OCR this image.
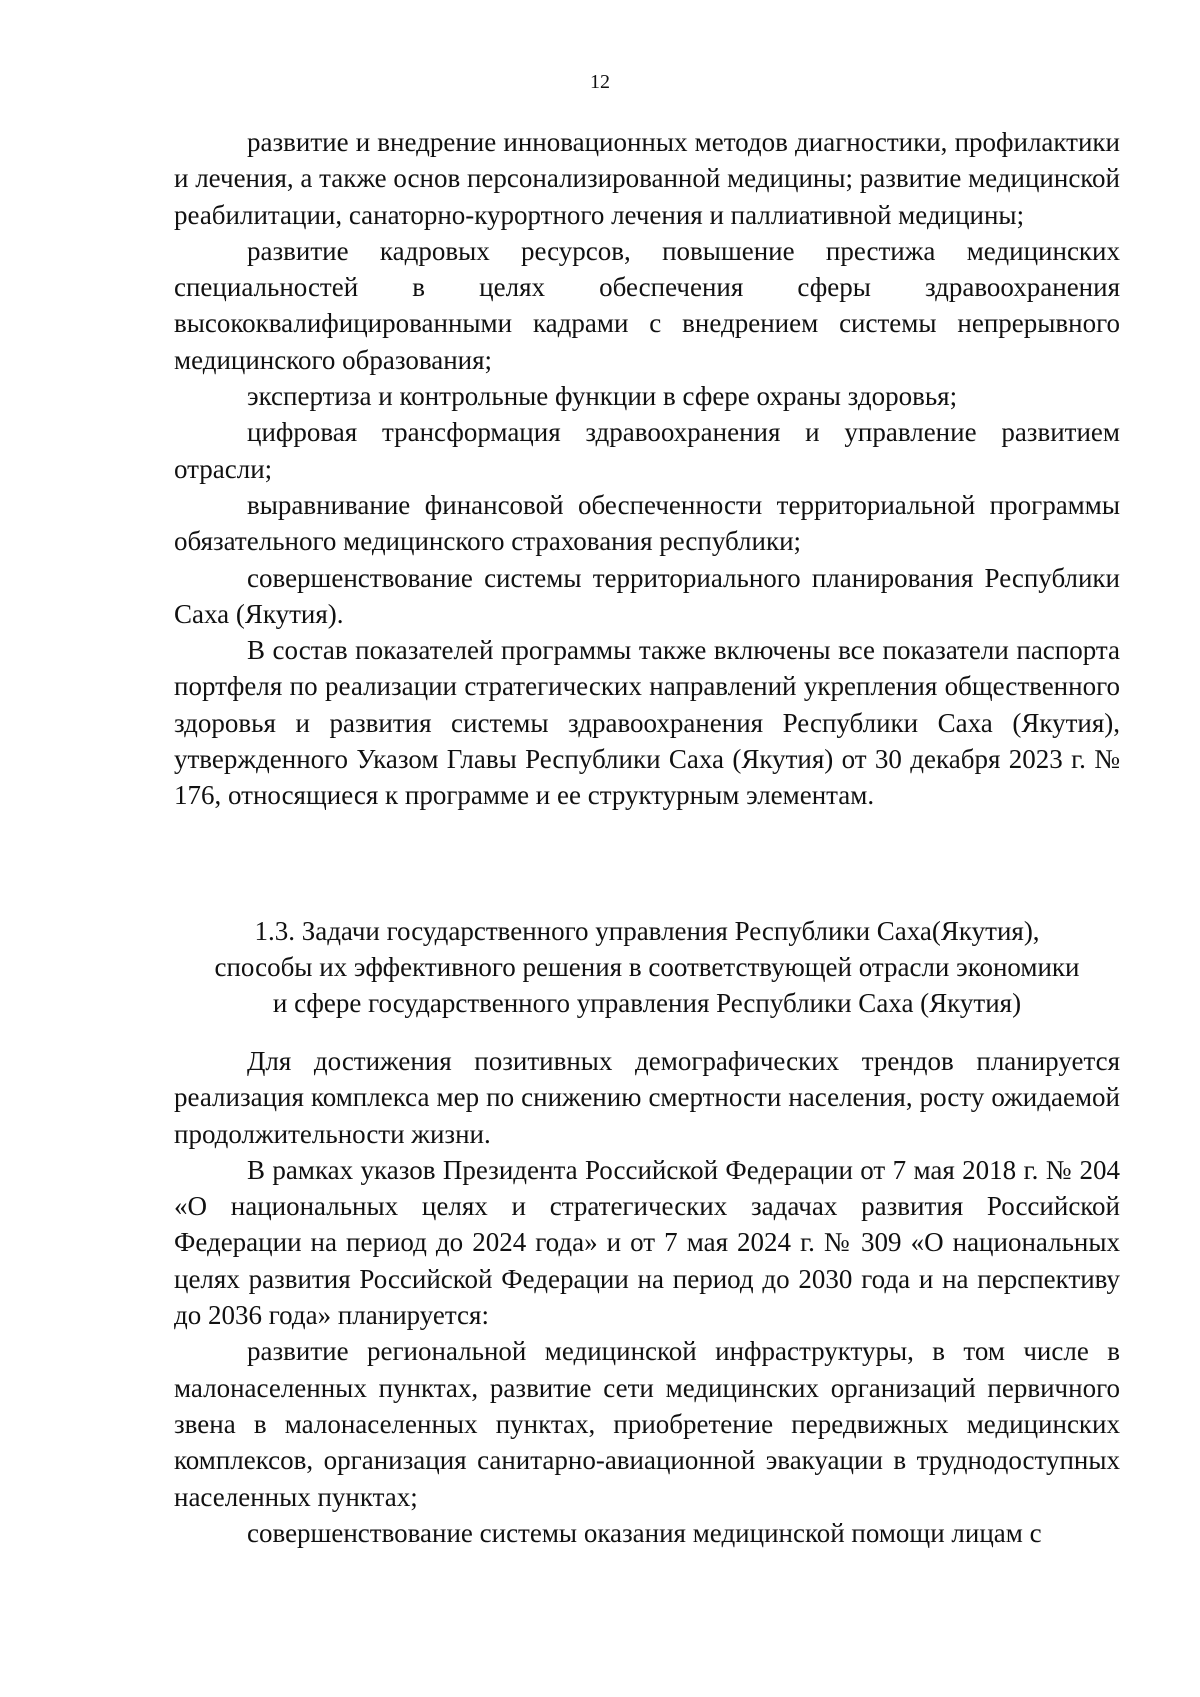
12

развитие и внедрение инновационных методов диагностики, профилактики и лечения, а также основ персонализированной медицины; развитие медицинской реабилитации, санаторно-курортного лечения и паллиативной медицины;

развитие кадровых ресурсов, повышение престижа медицинских специальностей в целях обеспечения сферы здравоохранения высококвалифицированными кадрами с внедрением системы непрерывного медицинского образования;

экспертиза и контрольные функции в сфере охраны здоровья;

цифровая трансформация здравоохранения и управление развитием отрасли;

выравнивание финансовой обеспеченности территориальной программы обязательного медицинского страхования республики;

совершенствование системы территориального планирования Республики Саха (Якутия).

В состав показателей программы также включены все показатели паспорта портфеля по реализации стратегических направлений укрепления общественного здоровья и развития системы здравоохранения Республики Саха (Якутия), утвержденного Указом Главы Республики Саха (Якутия) от 30 декабря 2023 г. № 176, относящиеся к программе и ее структурным элементам.

1.3. Задачи государственного управления Республики Саха(Якутия),
способы их эффективного решения в соответствующей отрасли экономики
и сфере государственного управления Республики Саха (Якутия)

Для достижения позитивных демографических трендов планируется реализация комплекса мер по снижению смертности населения, росту ожидаемой продолжительности жизни.

В рамках указов Президента Российской Федерации от 7 мая 2018 г. № 204 «О национальных целях и стратегических задачах развития Российской Федерации на период до 2024 года» и от 7 мая 2024 г. № 309 «О национальных целях развития Российской Федерации на период до 2030 года и на перспективу до 2036 года» планируется:

развитие региональной медицинской инфраструктуры, в том числе в малонаселенных пунктах, развитие сети медицинских организаций первичного звена в малонаселенных пунктах, приобретение передвижных медицинских комплексов, организация санитарно-авиационной эвакуации в труднодоступных населенных пунктах;

совершенствование системы оказания медицинской помощи лицам с
